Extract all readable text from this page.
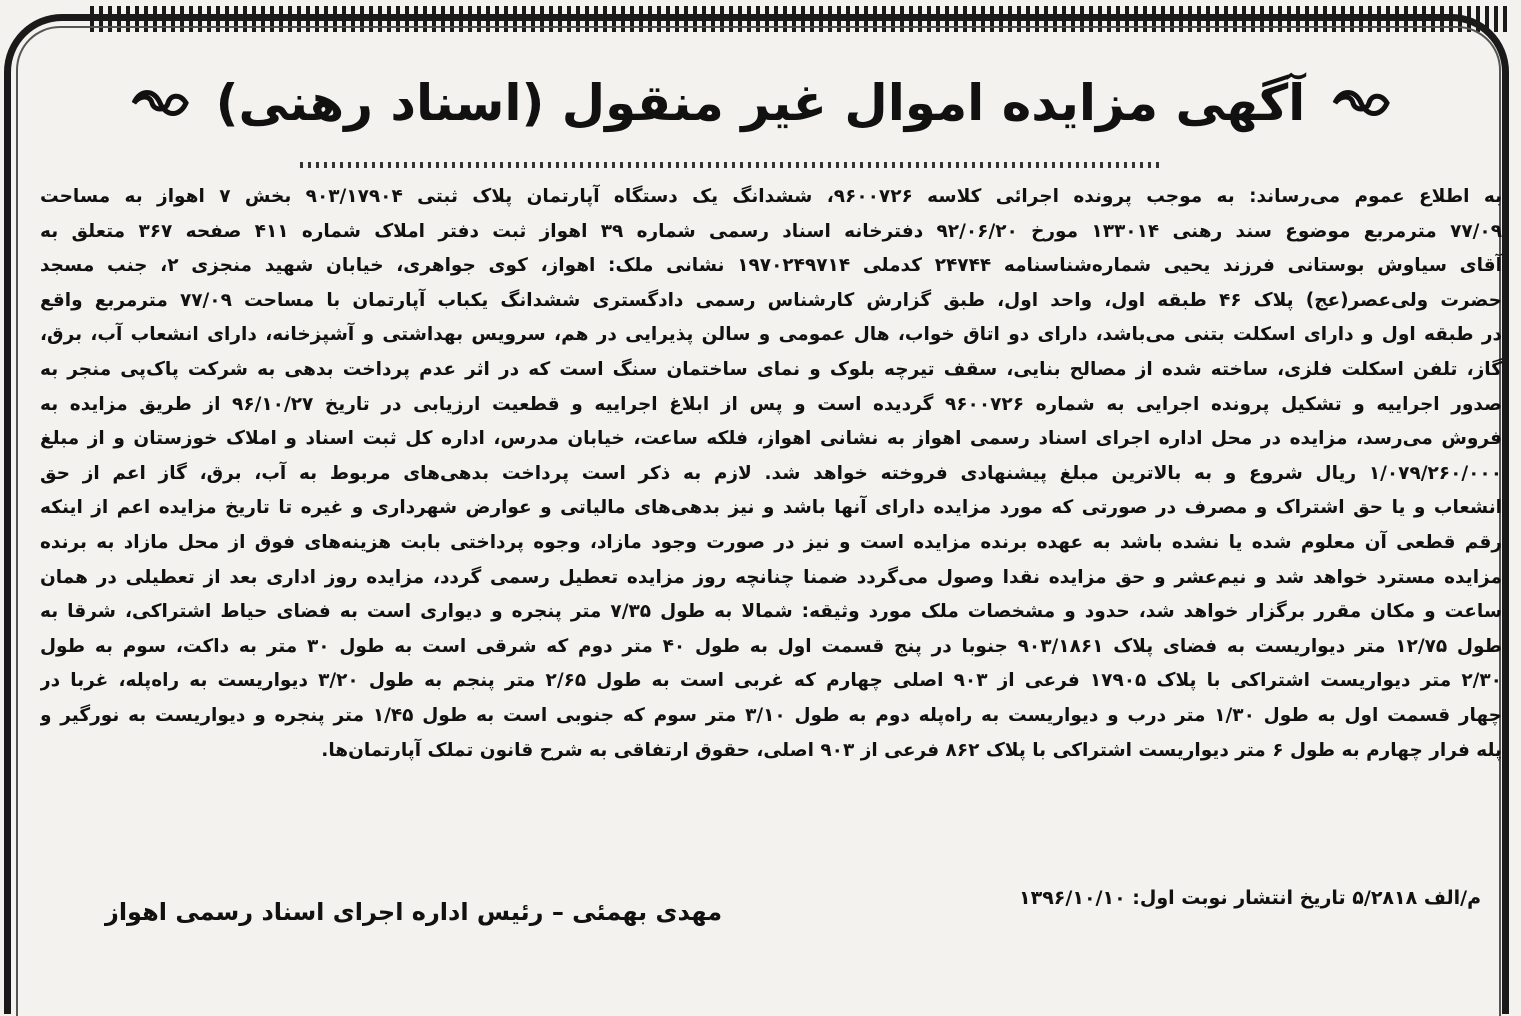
آگهی مزایده اموال غیر منقول (اسناد رهنی)
به اطلاع عموم می‌رساند: به موجب پرونده اجرائی کلاسه ۹۶۰۰۷۲۶، ششدانگ یک دستگاه آپارتمان پلاک ثبتی ۹۰۳/۱۷۹۰۴ بخش ۷ اهواز به مساحت
۷۷/۰۹ مترمربع موضوع سند رهنی ۱۳۳۰۱۴ مورخ ۹۲/۰۶/۲۰ دفترخانه اسناد رسمی شماره ۳۹ اهواز ثبت دفتر املاک شماره ۴۱۱ صفحه ۳۶۷ متعلق به
آقای سیاوش بوستانی فرزند یحیی شماره‌شناسنامه ۲۴۷۴۴ کدملی ۱۹۷۰۲۴۹۷۱۴ نشانی ملک: اهواز، کوی جواهری، خیابان شهید منجزی ۲، جنب مسجد
حضرت ولی‌عصر(عج) پلاک ۴۶ طبقه اول، واحد اول، طبق گزارش کارشناس رسمی دادگستری ششدانگ یکباب آپارتمان با مساحت ۷۷/۰۹ مترمربع واقع
در طبقه اول و دارای اسکلت بتنی می‌باشد، دارای دو اتاق خواب، هال عمومی و سالن پذیرایی در هم، سرویس بهداشتی و آشپزخانه، دارای انشعاب آب، برق،
گاز، تلفن اسکلت فلزی، ساخته شده از مصالح بنایی، سقف تیرچه بلوک و نمای ساختمان سنگ است که در اثر عدم پرداخت بدهی به شرکت پاک‌پی منجر به
صدور اجراییه و تشکیل پرونده اجرایی به شماره ۹۶۰۰۷۲۶ گردیده است و پس از ابلاغ اجراییه و قطعیت ارزیابی در تاریخ ۹۶/۱۰/۲۷ از طریق مزایده به
فروش می‌رسد، مزایده در محل اداره اجرای اسناد رسمی اهواز به نشانی اهواز، فلکه ساعت، خیابان مدرس، اداره کل ثبت اسناد و املاک خوزستان و از مبلغ
۱/۰۷۹/۲۶۰/۰۰۰ ریال شروع و به بالاترین مبلغ پیشنهادی فروخته خواهد شد. لازم به ذکر است پرداخت بدهی‌های مربوط به آب، برق، گاز اعم از حق
انشعاب و یا حق اشتراک و مصرف در صورتی که مورد مزایده دارای آنها باشد و نیز بدهی‌های مالیاتی و عوارض شهرداری و غیره تا تاریخ مزایده اعم از اینکه
رقم قطعی آن معلوم شده یا نشده باشد به عهده برنده مزایده است و نیز در صورت وجود مازاد، وجوه پرداختی بابت هزینه‌های فوق از محل مازاد به برنده
مزایده مسترد خواهد شد و نیم‌عشر و حق مزایده نقدا وصول می‌گردد ضمنا چنانچه روز مزایده تعطیل رسمی گردد، مزایده روز اداری بعد از تعطیلی در همان
ساعت و مکان مقرر برگزار خواهد شد، حدود و مشخصات ملک مورد وثیقه: شمالا به طول ۷/۳۵ متر پنجره و دیواری است به فضای حیاط اشتراکی، شرقا به
طول ۱۲/۷۵ متر دیواریست به فضای پلاک ۹۰۳/۱۸۶۱ جنوبا در پنج قسمت اول به طول ۴۰ متر دوم که شرقی است به طول ۳۰ متر به داکت، سوم به طول
۲/۳۰ متر دیواریست اشتراکی با پلاک ۱۷۹۰۵ فرعی از ۹۰۳ اصلی چهارم که غربی است به طول ۲/۶۵ متر پنجم به طول ۳/۲۰ دیواریست به راه‌پله، غربا در
چهار قسمت اول به طول ۱/۳۰ متر درب و دیواریست به راه‌پله دوم به طول ۳/۱۰ متر سوم که جنوبی است به طول ۱/۴۵ متر پنجره و دیواریست به نورگیر و
پله فرار چهارم به طول ۶ متر دیواریست اشتراکی با پلاک ۸۶۲ فرعی از ۹۰۳ اصلی، حقوق ارتفاقی به شرح قانون تملک آپارتمان‌ها.
م/الف ۵/۲۸۱۸ تاریخ انتشار نوبت اول: ۱۳۹۶/۱۰/۱۰
مهدی بهمئی – رئیس اداره اجرای اسناد رسمی اهواز
